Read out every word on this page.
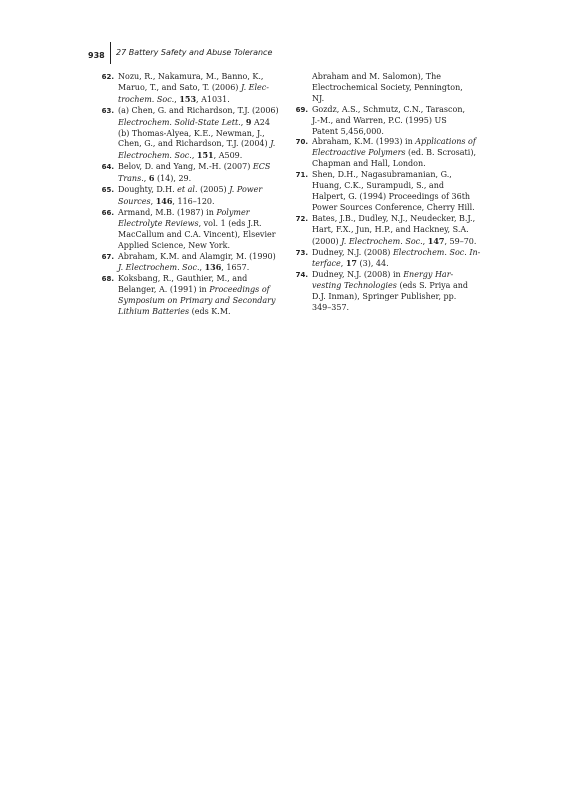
938 27 Battery Safety and Abuse Tolerance
62. Nozu, R., Nakamura, M., Banno, K.,
Maruo, T., and Sato, T. (2006) J. Elec-
trochem. Soc., 153, A1031.
63. (a) Chen, G. and Richardson, T.J. (2006)
Electrochem. Solid-State Lett., 9 A24
(b) Thomas-Alyea, K.E., Newman, J.,
Chen, G., and Richardson, T.J. (2004) J.
Electrochem. Soc., 151, A509.
64. Belov, D. and Yang, M.-H. (2007) ECS
Trans., 6 (14), 29.
65. Doughty, D.H. et al. (2005) J. Power
Sources, 146, 116–120.
66. Armand, M.B. (1987) in Polymer
Electrolyte Reviews, vol. 1 (eds J.R.
MacCallum and C.A. Vincent), Elsevier
Applied Science, New York.
67. Abraham, K.M. and Alamgir, M. (1990)
J. Electrochem. Soc., 136, 1657.
68. Koksbang, R., Gauthier, M., and
Belanger, A. (1991) in Proceedings of
Symposium on Primary and Secondary
Lithium Batteries (eds K.M.
Abraham and M. Salomon), The
Electrochemical Society, Pennington,
NJ.
69. Gozdz, A.S., Schmutz, C.N., Tarascon,
J.-M., and Warren, P.C. (1995) US
Patent 5,456,000.
70. Abraham, K.M. (1993) in Applications of
Electroactive Polymers (ed. B. Scrosati),
Chapman and Hall, London.
71. Shen, D.H., Nagasubramanian, G.,
Huang, C.K., Surampudi, S., and
Halpert, G. (1994) Proceedings of 36th
Power Sources Conference, Cherry Hill.
72. Bates, J.B., Dudley, N.J., Neudecker, B.J.,
Hart, F.X., Jun, H.P., and Hackney, S.A.
(2000) J. Electrochem. Soc., 147, 59–70.
73. Dudney, N.J. (2008) Electrochem. Soc. In-
terface, 17 (3), 44.
74. Dudney, N.J. (2008) in Energy Har-
vesting Technologies (eds S. Priya and
D.J. Inman), Springer Publisher, pp.
349–357.
